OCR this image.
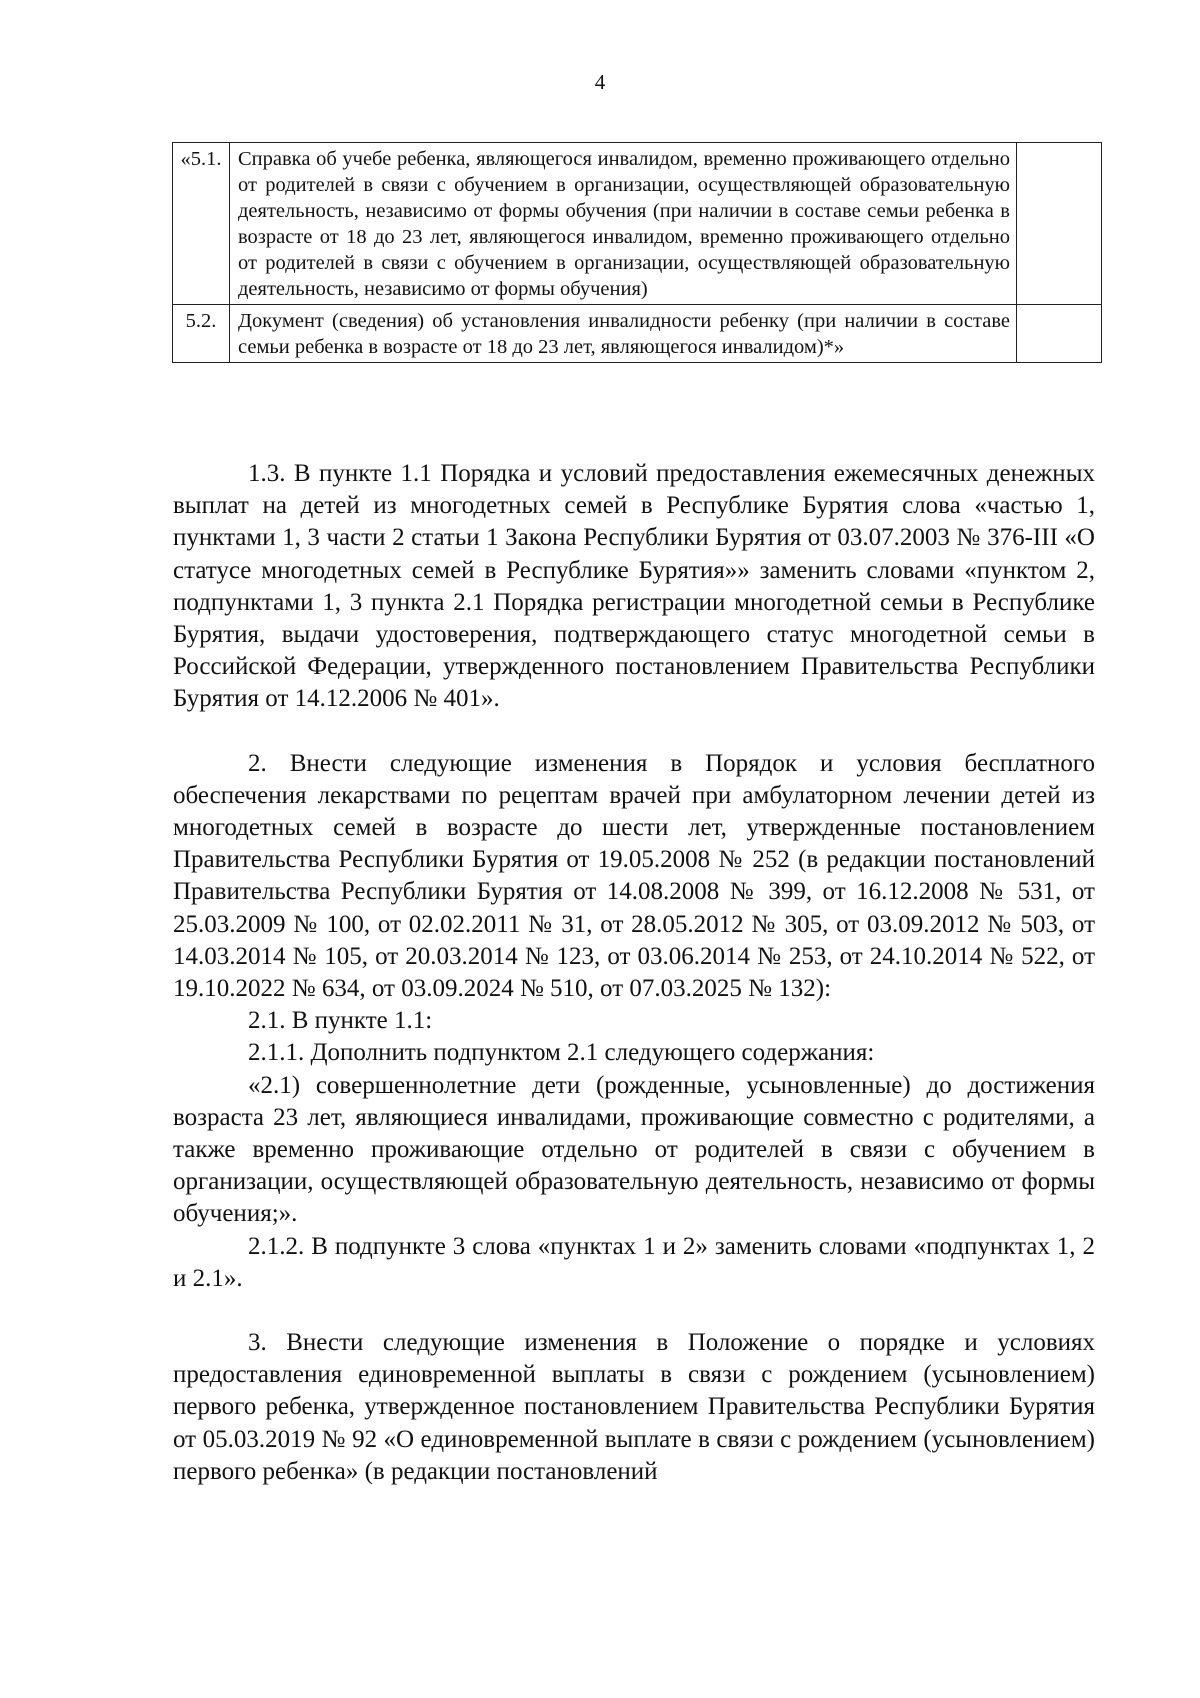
4
«5.1.	Справка об учебе ребенка, являющегося инвалидом, временно проживающего отдельно от родителей в связи с обучением в организации, осуществляющей образовательную деятельность, независимо от формы обучения (при наличии в составе семьи ребенка в возрасте от 18 до 23 лет, являющегося инвалидом, временно проживающего отдельно от родителей в связи с обучением в организации, осуществляющей образовательную деятельность, независимо от формы обучения)	
5.2.	Документ (сведения) об установления инвалидности ребенку (при наличии в составе семьи ребенка в возрасте от 18 до 23 лет, являющегося инвалидом)*»	

1.3. В пункте 1.1 Порядка и условий предоставления ежемесячных денежных выплат на детей из многодетных семей в Республике Бурятия слова «частью 1, пунктами 1, 3 части 2 статьи 1 Закона Республики Бурятия от 03.07.2003 № 376-III «О статусе многодетных семей в Республике Бурятия»» заменить словами «пунктом 2, подпунктами 1, 3 пункта 2.1 Порядка регистрации многодетной семьи в Республике Бурятия, выдачи удостоверения, подтверждающего статус многодетной семьи в Российской Федерации, утвержденного постановлением Правительства Республики Бурятия от 14.12.2006 № 401».

2. Внести следующие изменения в Порядок и условия бесплатного обеспечения лекарствами по рецептам врачей при амбулаторном лечении детей из многодетных семей в возрасте до шести лет, утвержденные постановлением Правительства Республики Бурятия от 19.05.2008 № 252 (в редакции постановлений Правительства Республики Бурятия от 14.08.2008 № 399, от 16.12.2008 № 531, от 25.03.2009 № 100, от 02.02.2011 № 31, от 28.05.2012 № 305, от 03.09.2012 № 503, от 14.03.2014 № 105, от 20.03.2014 № 123, от 03.06.2014 № 253, от 24.10.2014 № 522, от 19.10.2022 № 634, от 03.09.2024 № 510, от 07.03.2025 № 132):

2.1. В пункте 1.1:

2.1.1. Дополнить подпунктом 2.1 следующего содержания:

«2.1) совершеннолетние дети (рожденные, усыновленные) до достижения возраста 23 лет, являющиеся инвалидами, проживающие совместно с родителями, а также временно проживающие отдельно от родителей в связи с обучением в организации, осуществляющей образовательную деятельность, независимо от формы обучения;».

2.1.2. В подпункте 3 слова «пунктах 1 и 2» заменить словами «подпунктах 1, 2 и 2.1».

3. Внести следующие изменения в Положение о порядке и условиях предоставления единовременной выплаты в связи с рождением (усыновлением) первого ребенка, утвержденное постановлением Правительства Республики Бурятия от 05.03.2019 № 92 «О единовременной выплате в связи с рождением (усыновлением) первого ребенка» (в редакции постановлений
